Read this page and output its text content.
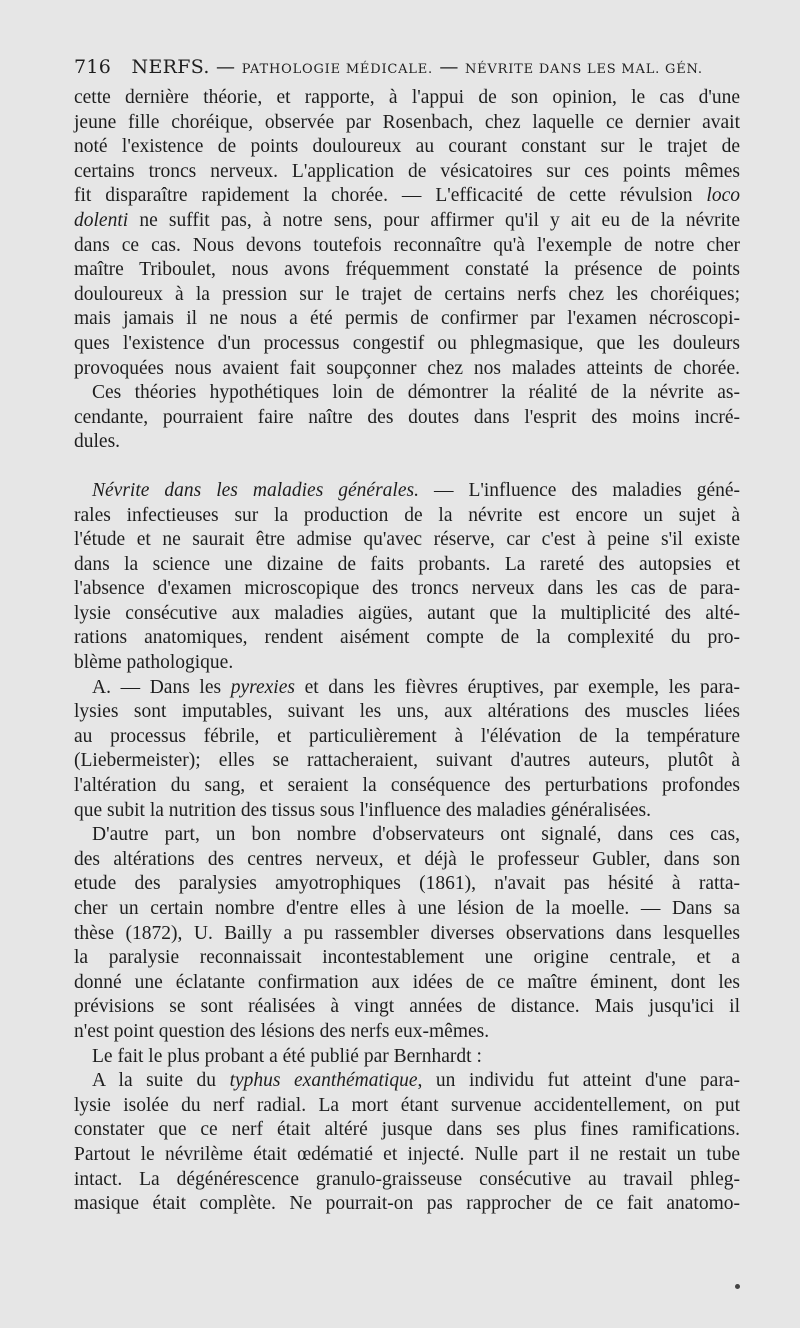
716 NERFS. — PATHOLOGIE MÉDICALE. — NÉVRITE DANS LES MAL. GÉN.
cette dernière théorie, et rapporte, à l'appui de son opinion, le cas d'une
jeune fille choréique, observée par Rosenbach, chez laquelle ce dernier avait
noté l'existence de points douloureux au courant constant sur le trajet de
certains troncs nerveux. L'application de vésicatoires sur ces points mêmes
fit disparaître rapidement la chorée. — L'efficacité de cette révulsion loco
dolenti ne suffit pas, à notre sens, pour affirmer qu'il y ait eu de la névrite
dans ce cas. Nous devons toutefois reconnaître qu'à l'exemple de notre cher
maître Triboulet, nous avons fréquemment constaté la présence de points
douloureux à la pression sur le trajet de certains nerfs chez les choréiques;
mais jamais il ne nous a été permis de confirmer par l'examen nécroscopi-
ques l'existence d'un processus congestif ou phlegmasique, que les douleurs
provoquées nous avaient fait soupçonner chez nos malades atteints de chorée.
Ces théories hypothétiques loin de démontrer la réalité de la névrite as-
cendante, pourraient faire naître des doutes dans l'esprit des moins incré-
dules.
Névrite dans les maladies générales. — L'influence des maladies géné-
rales infectieuses sur la production de la névrite est encore un sujet à
l'étude et ne saurait être admise qu'avec réserve, car c'est à peine s'il existe
dans la science une dizaine de faits probants. La rareté des autopsies et
l'absence d'examen microscopique des troncs nerveux dans les cas de para-
lysie consécutive aux maladies aigües, autant que la multiplicité des alté-
rations anatomiques, rendent aisément compte de la complexité du pro-
blème pathologique.
A. — Dans les pyrexies et dans les fièvres éruptives, par exemple, les para-
lysies sont imputables, suivant les uns, aux altérations des muscles liées
au processus fébrile, et particulièrement à l'élévation de la température
(Liebermeister); elles se rattacheraient, suivant d'autres auteurs, plutôt à
l'altération du sang, et seraient la conséquence des perturbations profondes
que subit la nutrition des tissus sous l'influence des maladies généralisées.
D'autre part, un bon nombre d'observateurs ont signalé, dans ces cas,
des altérations des centres nerveux, et déjà le professeur Gubler, dans son
etude des paralysies amyotrophiques (1861), n'avait pas hésité à ratta-
cher un certain nombre d'entre elles à une lésion de la moelle. — Dans sa
thèse (1872), U. Bailly a pu rassembler diverses observations dans lesquelles
la paralysie reconnaissait incontestablement une origine centrale, et a
donné une éclatante confirmation aux idées de ce maître éminent, dont les
prévisions se sont réalisées à vingt années de distance. Mais jusqu'ici il
n'est point question des lésions des nerfs eux-mêmes.
Le fait le plus probant a été publié par Bernhardt :
A la suite du typhus exanthématique, un individu fut atteint d'une para-
lysie isolée du nerf radial. La mort étant survenue accidentellement, on put
constater que ce nerf était altéré jusque dans ses plus fines ramifications.
Partout le névrilème était œdématié et injecté. Nulle part il ne restait un tube
intact. La dégénérescence granulo-graisseuse consécutive au travail phleg-
masique était complète. Ne pourrait-on pas rapprocher de ce fait anatomo-
